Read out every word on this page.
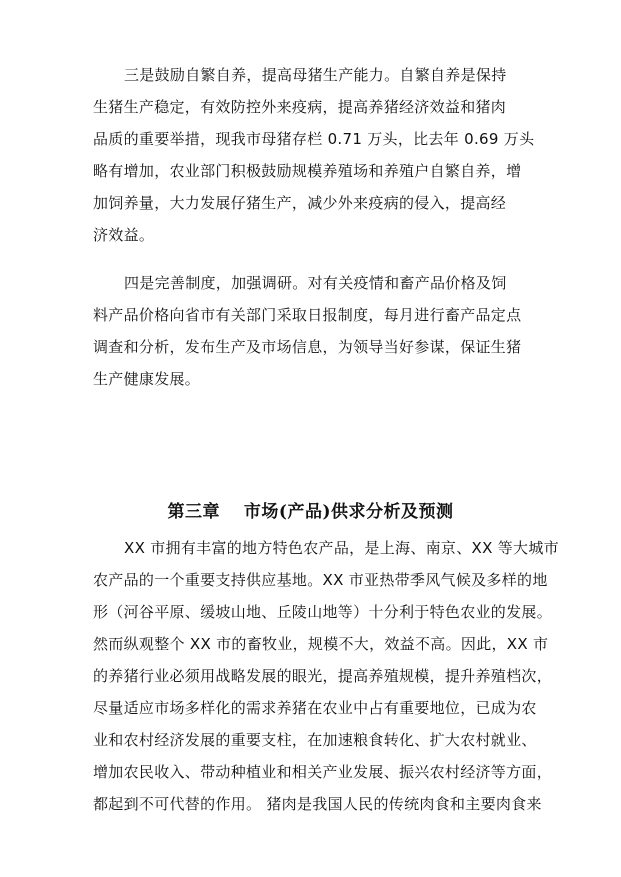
三是鼓励自繁自养，提高母猪生产能力。自繁自养是保持
生猪生产稳定，有效防控外来疫病，提高养猪经济效益和猪肉
品质的重要举措，现我市母猪存栏 0.71 万头，比去年 0.69 万头
略有增加，农业部门积极鼓励规模养殖场和养殖户自繁自养，增
加饲养量，大力发展仔猪生产，减少外来疫病的侵入，提高经
济效益。
四是完善制度，加强调研。对有关疫情和畜产品价格及饲
料产品价格向省市有关部门采取日报制度，每月进行畜产品定点
调查和分析，发布生产及市场信息，为领导当好参谋，保证生猪
生产健康发展。
第三章　 市场(产品)供求分析及预测
XX 市拥有丰富的地方特色农产品，是上海、南京、XX 等大城市
农产品的一个重要支持供应基地。XX 市亚热带季风气候及多样的地
形（河谷平原、缓坡山地、丘陵山地等）十分利于特色农业的发展。
然而纵观整个 XX 市的畜牧业，规模不大，效益不高。因此，XX 市
的养猪行业必须用战略发展的眼光，提高养殖规模，提升养殖档次，
尽量适应市场多样化的需求养猪在农业中占有重要地位，已成为农
业和农村经济发展的重要支柱，在加速粮食转化、扩大农村就业、
增加农民收入、带动种植业和相关产业发展、振兴农村经济等方面，
都起到不可代替的作用。 猪肉是我国人民的传统肉食和主要肉食来
